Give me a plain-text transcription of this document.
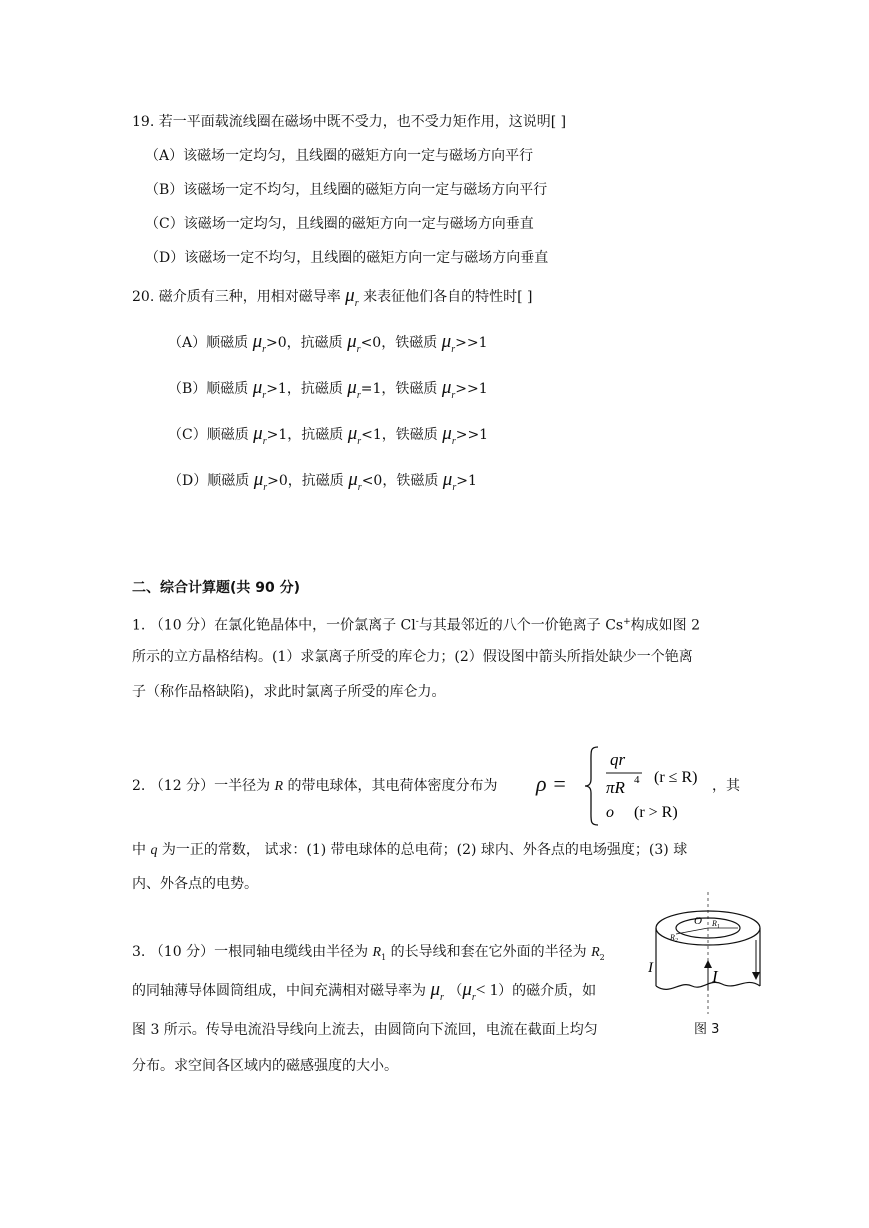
19. 若一平面载流线圈在磁场中既不受力，也不受力矩作用，这说明[ ]
（A）该磁场一定均匀，且线圈的磁矩方向一定与磁场方向平行
（B）该磁场一定不均匀，且线圈的磁矩方向一定与磁场方向平行
（C）该磁场一定均匀，且线圈的磁矩方向一定与磁场方向垂直
（D）该磁场一定不均匀，且线圈的磁矩方向一定与磁场方向垂直
20. 磁介质有三种，用相对磁导率 $\mu_r$ 来表征他们各自的特性时[ ]
（A）顺磁质 $\mu_r>0$，抗磁质 $\mu_r<0$，铁磁质 $\mu_r>>1$
（B）顺磁质 $\mu_r>1$，抗磁质 $\mu_r=1$，铁磁质 $\mu_r>>1$
（C）顺磁质 $\mu_r>1$，抗磁质 $\mu_r<1$，铁磁质 $\mu_r>>1$
（D）顺磁质 $\mu_r>0$，抗磁质 $\mu_r<0$，铁磁质 $\mu_r>1$
二、综合计算题(共 90 分)
1. （10 分）在氯化铯晶体中，一价氯离子 Cl-与其最邻近的八个一价铯离子 Cs+构成如图 2
所示的立方晶格结构。(1）求氯离子所受的库仑力；(2）假设图中箭头所指处缺少一个铯离
子（称作品格缺陷)，求此时氯离子所受的库仑力。
2. （12 分）一半径为 R 的带电球体，其电荷体密度分布为 ρ =
qr
πR 4 (r ≤ R)
o (r > R)
，其
中 q 为一正的常数， 试求：(1) 带电球体的总电荷；(2) 球内、外各点的电场强度；(3) 球
内、外各点的电势。
3. （10 分）一根同轴电缆线由半径为 $R_1$ 的长导线和套在它外面的半径为 $R_2$
的同轴薄导体圆筒组成，中间充满相对磁导率为 $\mu_r$ $(\mu_r< 1)$的磁介质，如
图 3 所示。传导电流沿导线向上流去，由圆筒向下流回，电流在截面上均匀
分布。求空间各区域内的磁感强度的大小。
O $R_1$
$R_2$
I	I
图 3
